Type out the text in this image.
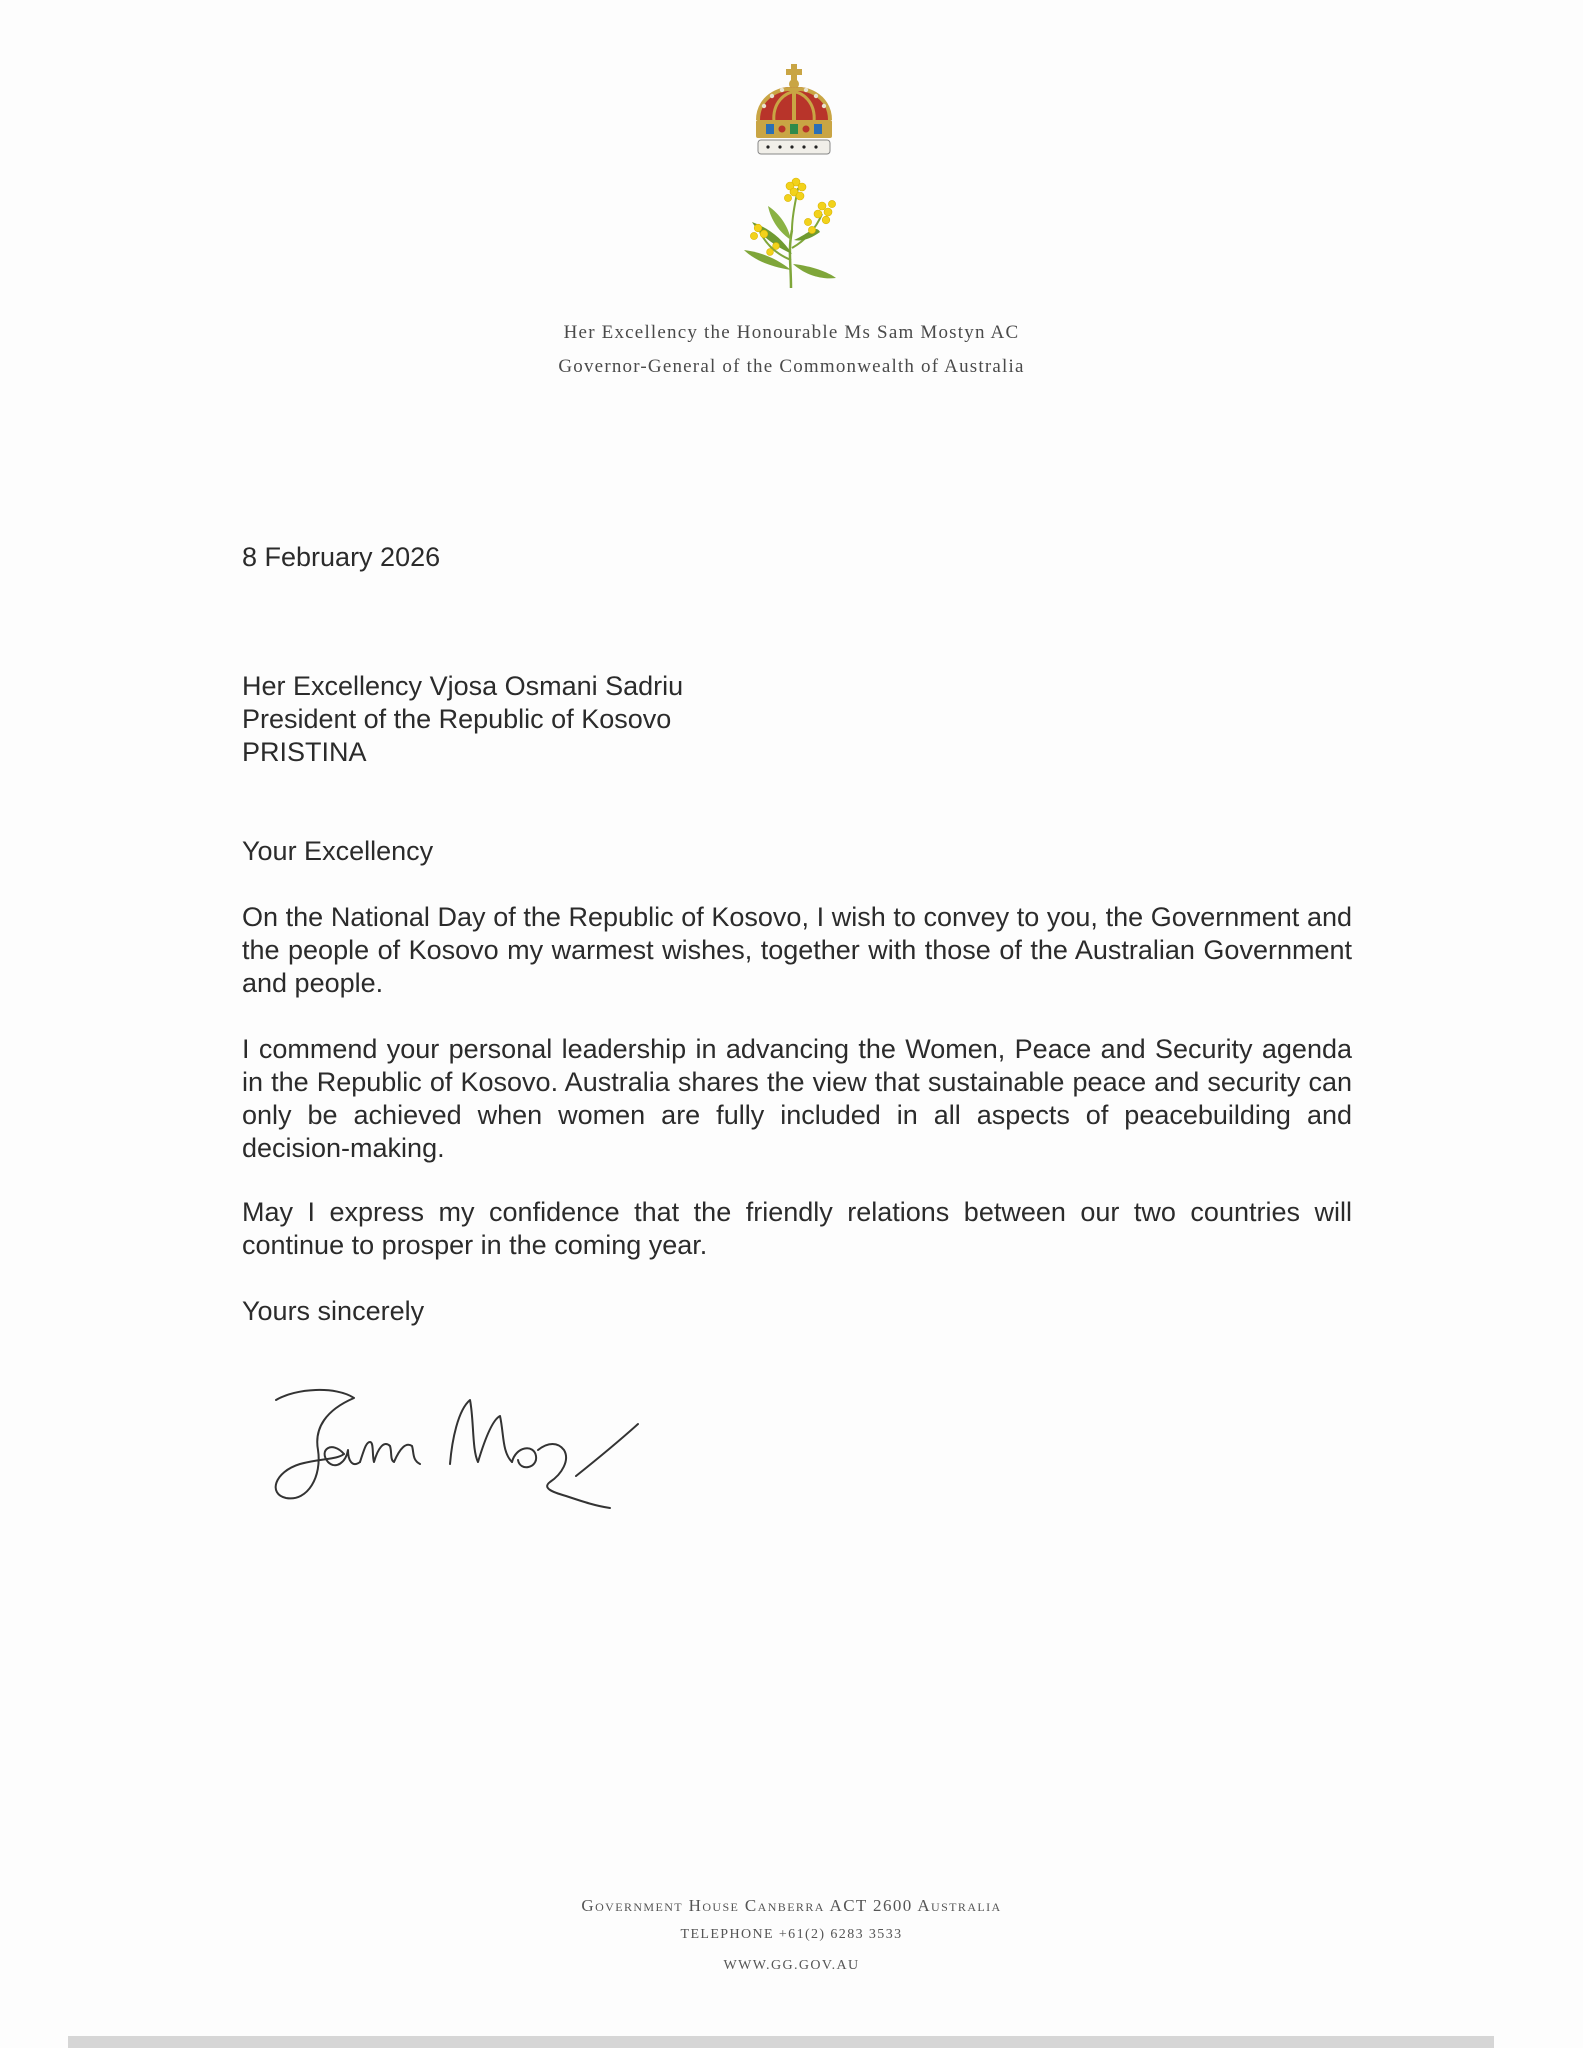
Her Excellency the Honourable Ms Sam Mostyn AC
Governor-General of the Commonwealth of Australia
8 February 2026
Her Excellency Vjosa Osmani Sadriu
President of the Republic of Kosovo
PRISTINA
Your Excellency
On the National Day of the Republic of Kosovo, I wish to convey to you, the Government and the people of Kosovo my warmest wishes, together with those of the Australian Government and people.
I commend your personal leadership in advancing the Women, Peace and Security agenda in the Republic of Kosovo. Australia shares the view that sustainable peace and security can only be achieved when women are fully included in all aspects of peacebuilding and decision-making.
May I express my confidence that the friendly relations between our two countries will continue to prosper in the coming year.
Yours sincerely
Government House Canberra ACT 2600 Australia
TELEPHONE +61(2) 6283 3533
WWW.GG.GOV.AU
